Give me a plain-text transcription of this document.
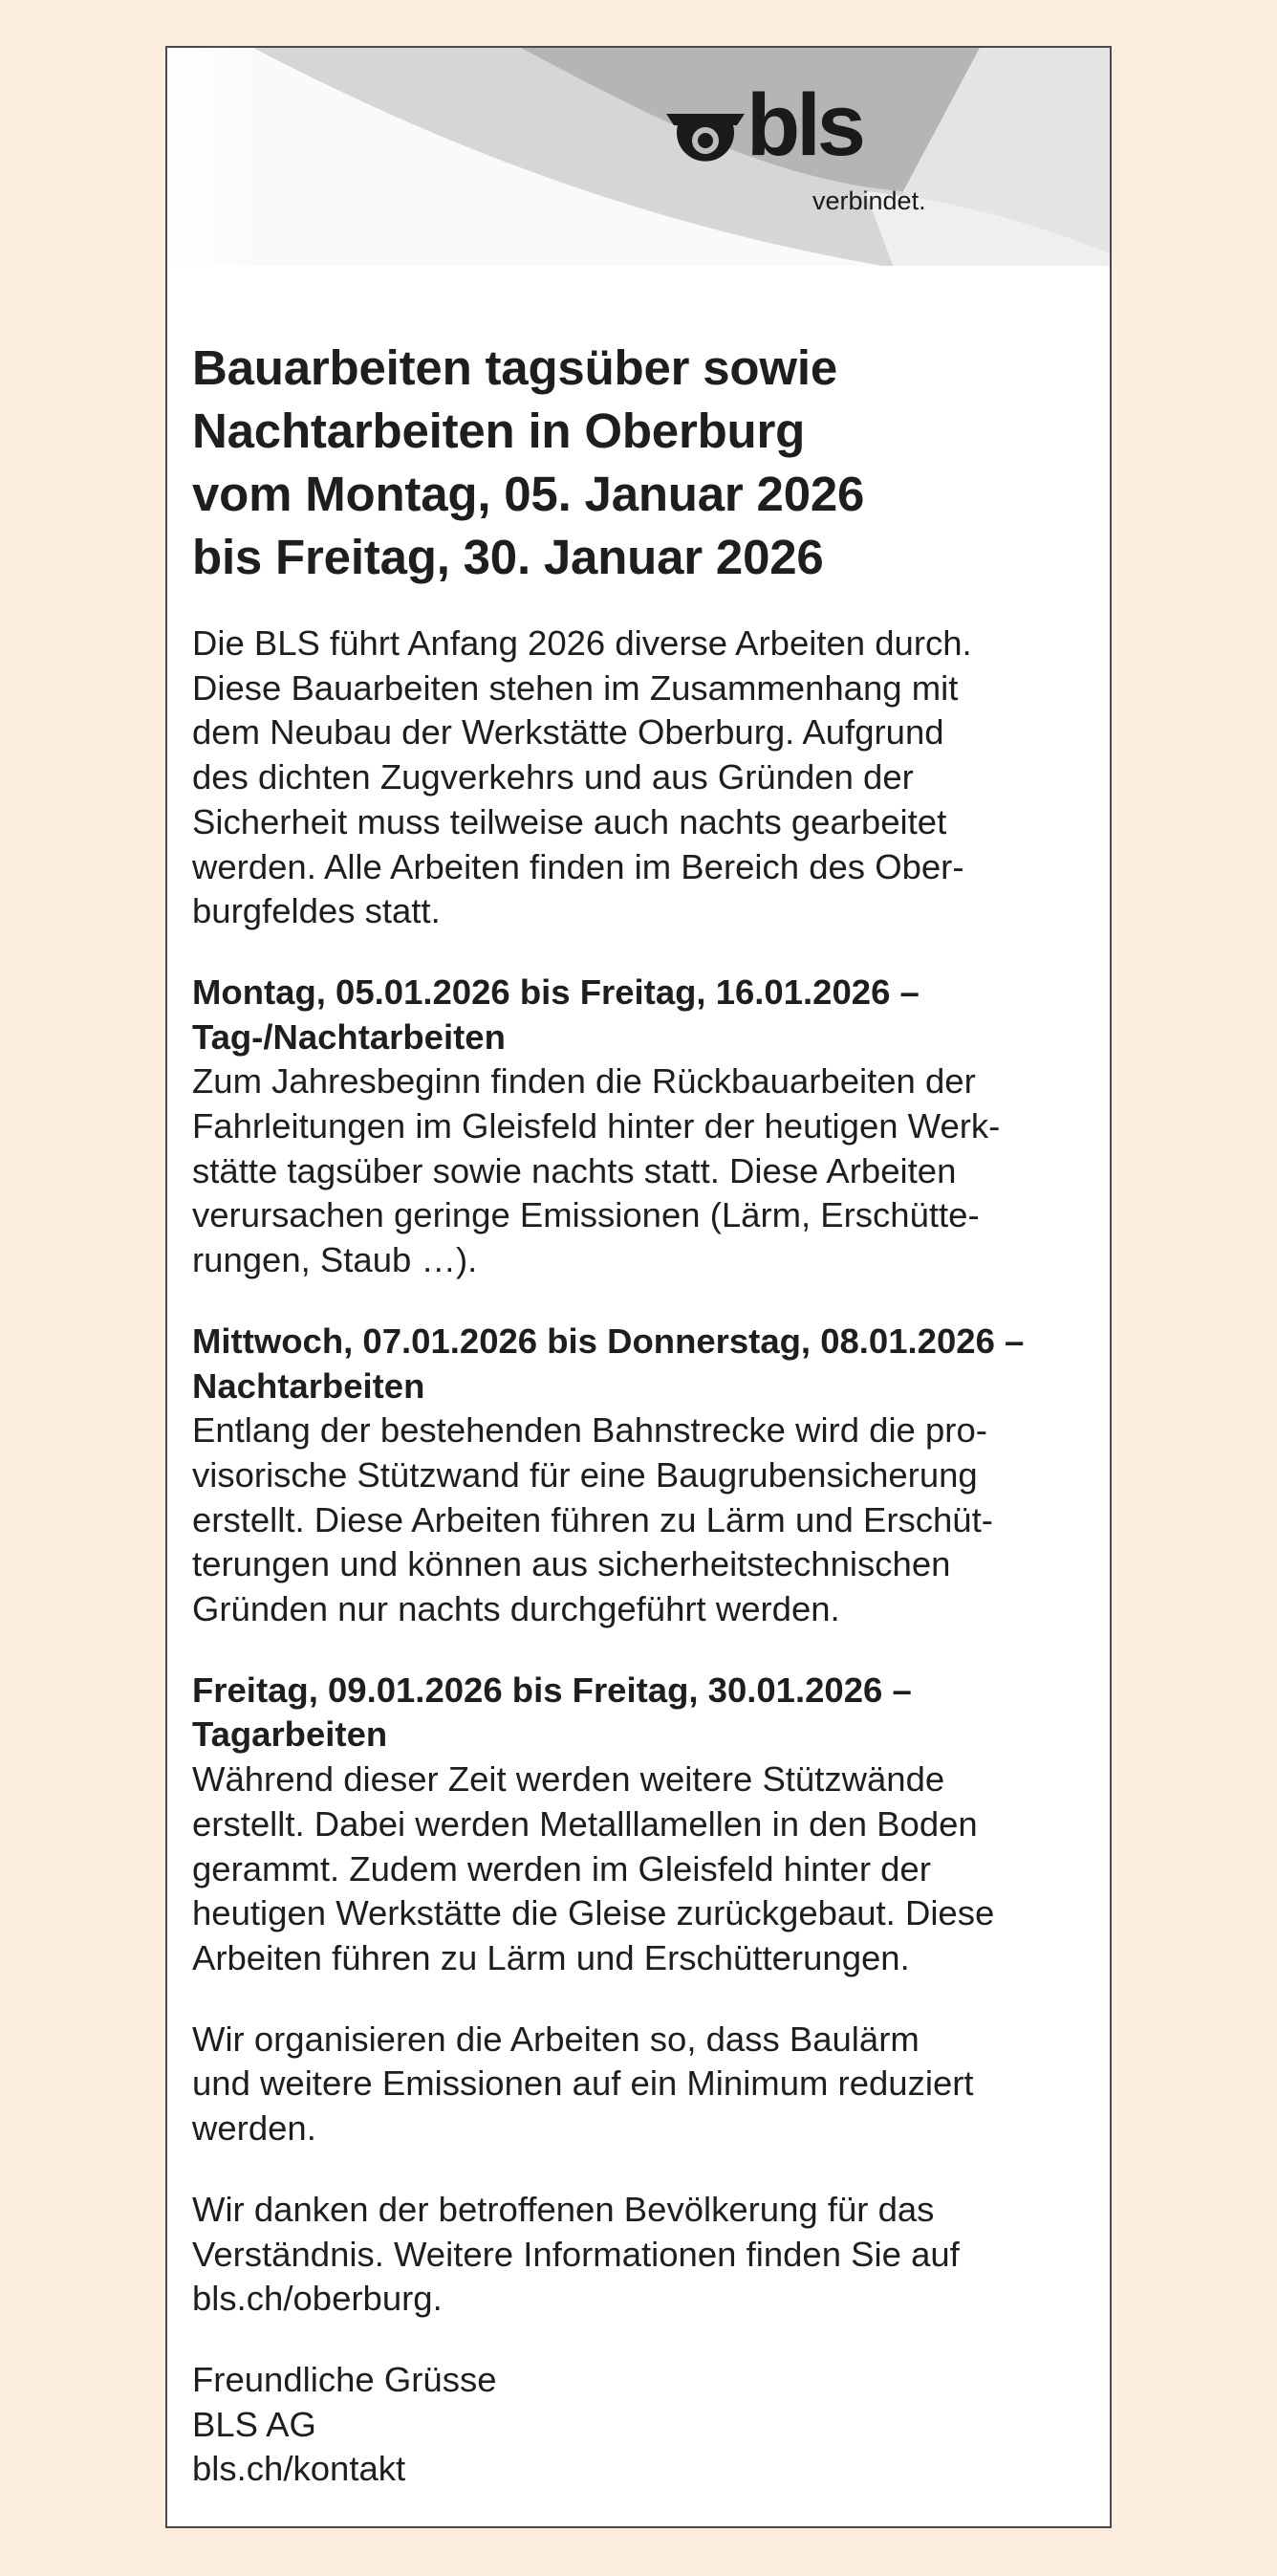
bls
verbindet.
Bauarbeiten tagsüber sowie
Nachtarbeiten in Oberburg
vom Montag, 05. Januar 2026
bis Freitag, 30. Januar 2026

Die BLS führt Anfang 2026 diverse Arbeiten durch.
Diese Bauarbeiten stehen im Zusammenhang mit
dem Neubau der Werkstätte Oberburg. Aufgrund
des dichten Zugverkehrs und aus Gründen der
Sicherheit muss teilweise auch nachts gearbeitet
werden. Alle Arbeiten finden im Bereich des Ober-
burgfeldes statt.

Montag, 05.01.2026 bis Freitag, 16.01.2026 –
Tag-/Nachtarbeiten
Zum Jahresbeginn finden die Rückbauarbeiten der
Fahrleitungen im Gleisfeld hinter der heutigen Werk-
stätte tagsüber sowie nachts statt. Diese Arbeiten
verursachen geringe Emissionen (Lärm, Erschütte-
rungen, Staub …).

Mittwoch, 07.01.2026 bis Donnerstag, 08.01.2026 –
Nachtarbeiten
Entlang der bestehenden Bahnstrecke wird die pro-
visorische Stützwand für eine Baugrubensicherung
erstellt. Diese Arbeiten führen zu Lärm und Erschüt-
terungen und können aus sicherheitstechnischen
Gründen nur nachts durchgeführt werden.

Freitag, 09.01.2026 bis Freitag, 30.01.2026 –
Tagarbeiten
Während dieser Zeit werden weitere Stützwände
erstellt. Dabei werden Metalllamellen in den Boden
gerammt. Zudem werden im Gleisfeld hinter der
heutigen Werkstätte die Gleise zurückgebaut. Diese
Arbeiten führen zu Lärm und Erschütterungen.

Wir organisieren die Arbeiten so, dass Baulärm
und weitere Emissionen auf ein Minimum reduziert
werden.

Wir danken der betroffenen Bevölkerung für das
Verständnis. Weitere Informationen finden Sie auf
bls.ch/oberburg.

Freundliche Grüsse
BLS AG
bls.ch/kontakt
